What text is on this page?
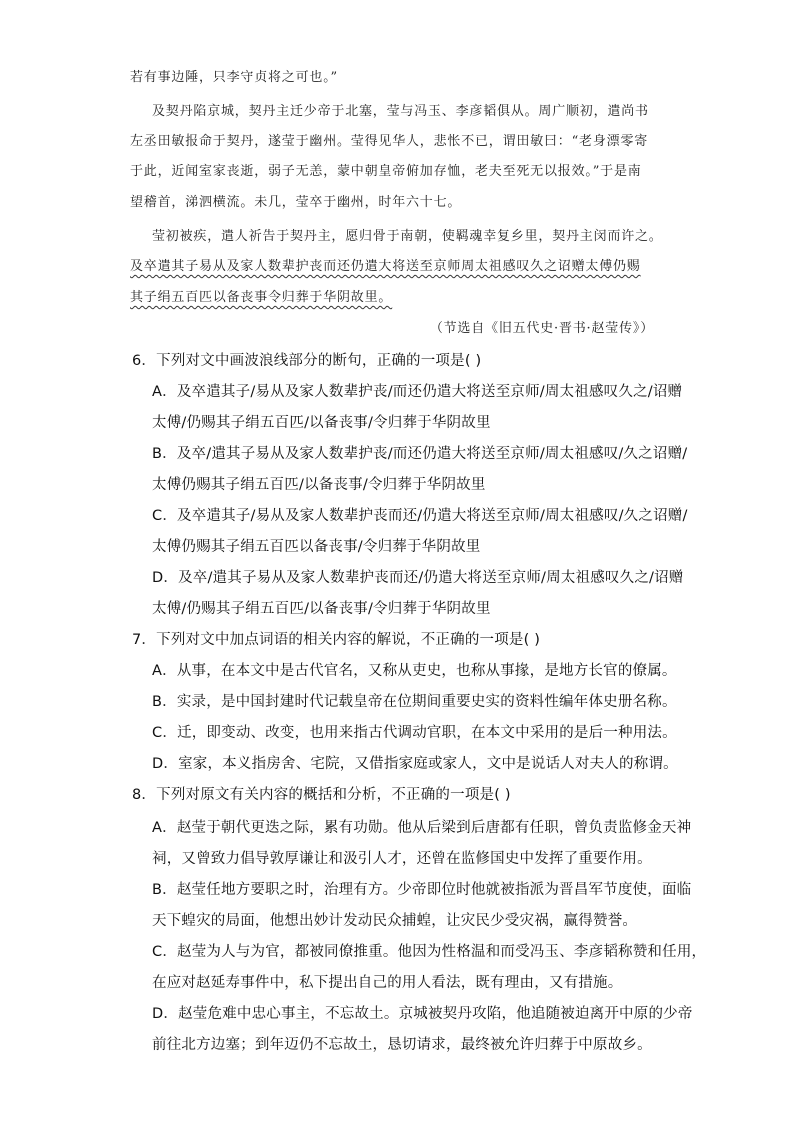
若有事边陲，只李守贞将之可也。”
及契丹陷京城，契丹主迁少帝于北塞，莹与冯玉、李彦韬俱从。周广顺初，遣尚书
左丞田敏报命于契丹，遂莹于幽州。莹得见华人，悲怅不已，谓田敏曰：“老身漂零寄
于此，近闻室家丧逝，弱子无恙，蒙中朝皇帝俯加存恤，老夫至死无以报效。”于是南
望稽首，涕泗横流。未几，莹卒于幽州，时年六十七。
莹初被疾，遣人祈告于契丹主，愿归骨于南朝，使羁魂幸复乡里，契丹主闵而许之。
及卒遣其子易从及家人数辈护丧而还仍遣大将送至京师周太祖感叹久之诏赠太傅仍赐
其子绢五百匹以备丧事令归葬于华阴故里。
（节选自《旧五代史·晋书·赵莹传》）
6．下列对文中画波浪线部分的断句，正确的一项是( )
A．及卒遣其子/易从及家人数辈护丧/而还仍遣大将送至京师/周太祖感叹久之/诏赠
太傅/仍赐其子绢五百匹/以备丧事/令归葬于华阴故里
B．及卒/遣其子易从及家人数辈护丧/而还仍遣大将送至京师/周太祖感叹/久之诏赠/
太傅仍赐其子绢五百匹/以备丧事/令归葬于华阴故里
C．及卒遣其子/易从及家人数辈护丧而还/仍遣大将送至京师/周太祖感叹/久之诏赠/
太傅仍赐其子绢五百匹以备丧事/令归葬于华阴故里
D．及卒/遣其子易从及家人数辈护丧而还/仍遣大将送至京师/周太祖感叹久之/诏赠
太傅/仍赐其子绢五百匹/以备丧事/令归葬于华阴故里
7．下列对文中加点词语的相关内容的解说，不正确的一项是( )
A．从事，在本文中是古代官名，又称从吏史，也称从事掾，是地方长官的僚属。
B．实录，是中国封建时代记载皇帝在位期间重要史实的资料性编年体史册名称。
C．迁，即变动、改变，也用来指古代调动官职，在本文中采用的是后一种用法。
D．室家，本义指房舍、宅院，又借指家庭或家人，文中是说话人对夫人的称谓。
8．下列对原文有关内容的概括和分析，不正确的一项是( )
A．赵莹于朝代更迭之际，累有功勋。他从后梁到后唐都有任职，曾负责监修金天神
祠，又曾致力倡导敦厚谦让和汲引人才，还曾在监修国史中发挥了重要作用。
B．赵莹任地方要职之时，治理有方。少帝即位时他就被指派为晋昌军节度使，面临
天下蝗灾的局面，他想出妙计发动民众捕蝗，让灾民少受灾祸，赢得赞誉。
C．赵莹为人与为官，都被同僚推重。他因为性格温和而受冯玉、李彦韬称赞和任用，
在应对赵延寿事件中，私下提出自己的用人看法，既有理由，又有措施。
D．赵莹危难中忠心事主，不忘故土。京城被契丹攻陷，他追随被迫离开中原的少帝
前往北方边塞；到年迈仍不忘故土，恳切请求，最终被允许归葬于中原故乡。
